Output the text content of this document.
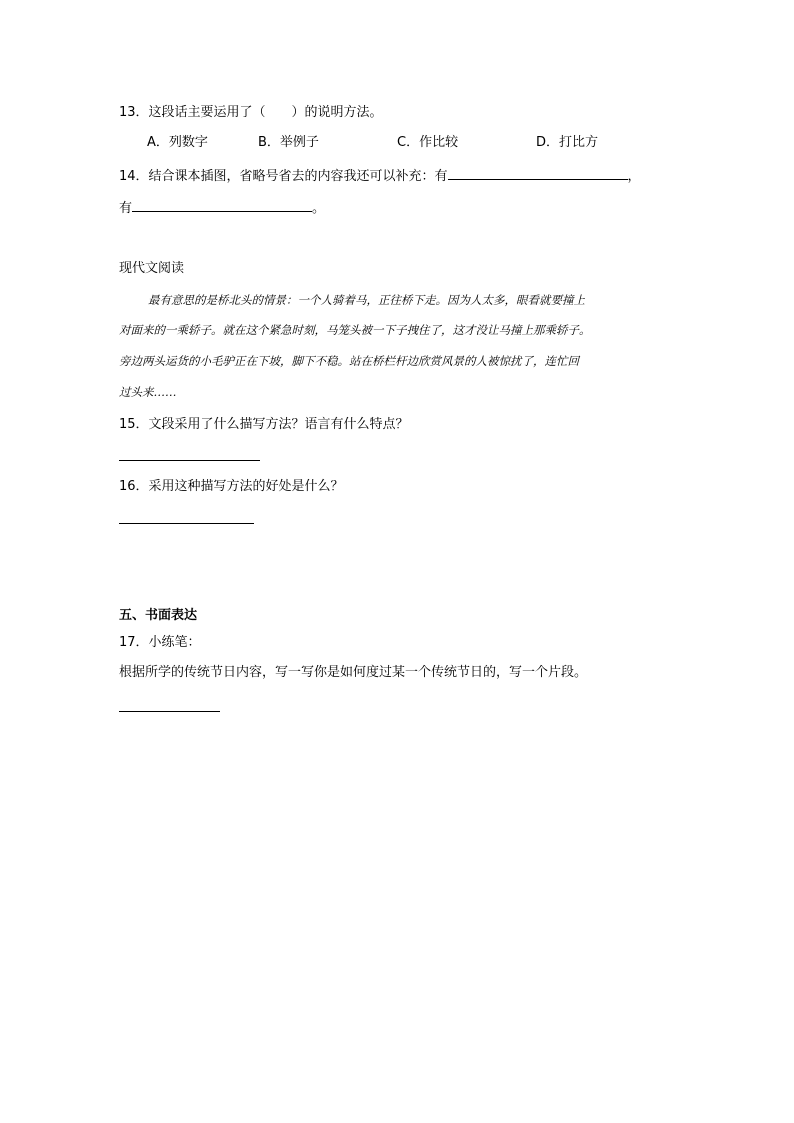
13．这段话主要运用了（　　）的说明方法。
A．列数字	B．举例子	C．作比较	D．打比方
14．结合课本插图，省略号省去的内容我还可以补充：有	，
有	。
现代文阅读
最有意思的是桥北头的情景：一个人骑着马，正往桥下走。因为人太多，眼看就要撞上
对面来的一乘轿子。就在这个紧急时刻，马笼头被一下子拽住了，这才没让马撞上那乘轿子。
旁边两头运货的小毛驴正在下坡，脚下不稳。站在桥栏杆边欣赏风景的人被惊扰了，连忙回
过头来……
15．文段采用了什么描写方法？语言有什么特点？
16．采用这种描写方法的好处是什么？
五、书面表达
17．小练笔：
根据所学的传统节日内容，写一写你是如何度过某一个传统节日的，写一个片段。
